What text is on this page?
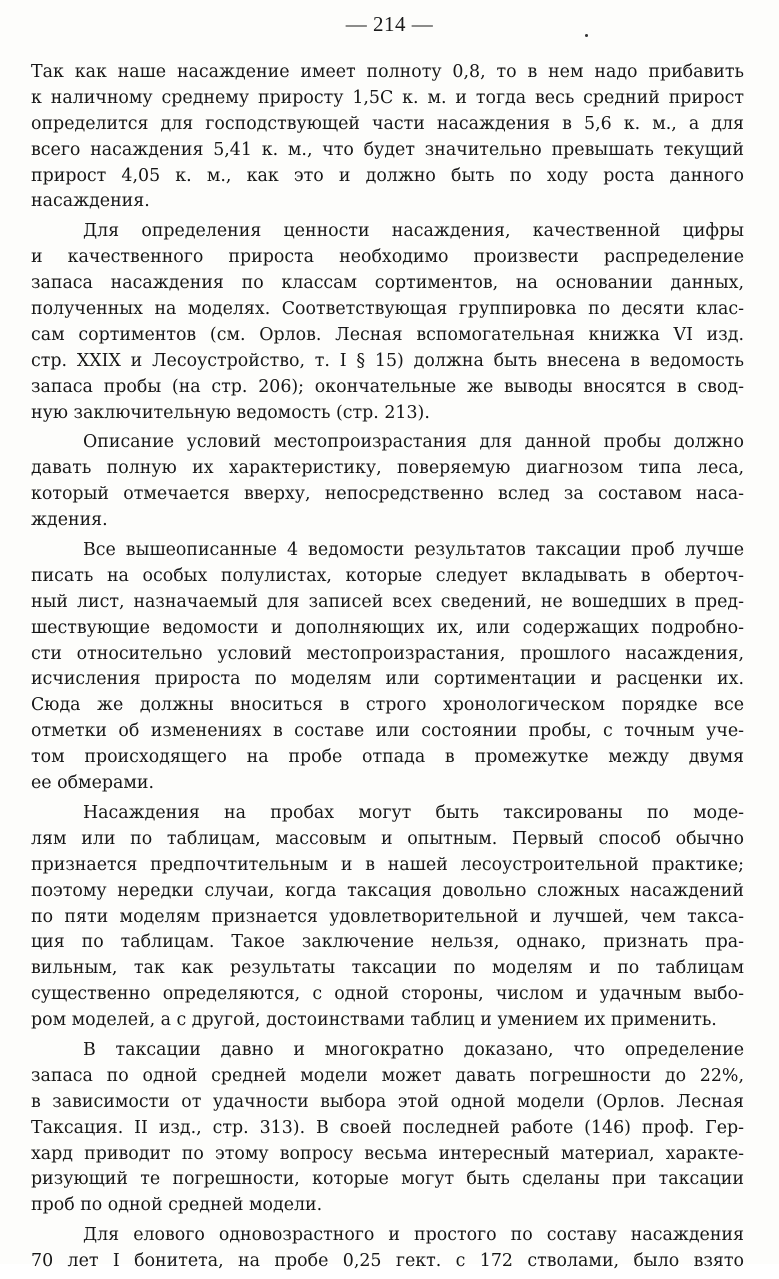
— 214 —
Так как наше насаждение имеет полноту 0,8, то в нем надо прибавить
к наличному среднему приросту 1,5С к. м. и тогда весь средний прирост
определится для господствующей части насаждения в 5,6 к. м., а для
всего насаждения 5,41 к. м., что будет значительно превышать текущий
прирост 4,05 к. м., как это и должно быть по ходу роста данного
насаждения.
Для определения ценности насаждения, качественной цифры
и качественного прироста необходимо произвести распределение
запаса насаждения по классам сортиментов, на основании данных,
полученных на моделях. Соответствующая группировка по десяти клас-
сам сортиментов (см. Орлов. Лесная вспомогательная книжка VI изд.
стр. XXIX и Лесоустройство, т. I § 15) должна быть внесена в ведомость
запаса пробы (на стр. 206); окончательные же выводы вносятся в свод-
ную заключительную ведомость (стр. 213).
Описание условий местопроизрастания для данной пробы должно
давать полную их характеристику, поверяемую диагнозом типа леса,
который отмечается вверху, непосредственно вслед за составом наса-
ждения.
Все вышеописанные 4 ведомости результатов таксации проб лучше
писать на особых полулистах, которые следует вкладывать в оберточ-
ный лист, назначаемый для записей всех сведений, не вошедших в пред-
шествующие ведомости и дополняющих их, или содержащих подробно-
сти относительно условий местопроизрастания, прошлого насаждения,
исчисления прироста по моделям или сортиментации и расценки их.
Сюда же должны вноситься в строго хронологическом порядке все
отметки об изменениях в составе или состоянии пробы, с точным уче-
том происходящего на пробе отпада в промежутке между двумя
ее обмерами.
Насаждения на пробах могут быть таксированы по моде-
лям или по таблицам, массовым и опытным. Первый способ обычно
признается предпочтительным и в нашей лесоустроительной практике;
поэтому нередки случаи, когда таксация довольно сложных насаждений
по пяти моделям признается удовлетворительной и лучшей, чем такса-
ция по таблицам. Такое заключение нельзя, однако, признать пра-
вильным, так как результаты таксации по моделям и по таблицам
существенно определяются, с одной стороны, числом и удачным выбо-
ром моделей, а с другой, достоинствами таблиц и умением их применить.
В таксации давно и многократно доказано, что определение
запаса по одной средней модели может давать погрешности до 22%,
в зависимости от удачности выбора этой одной модели (Орлов. Лесная
Таксация. II изд., стр. 313). В своей последней работе (146) проф. Гер-
хард приводит по этому вопросу весьма интересный материал, характе-
ризующий те погрешности, которые могут быть сделаны при таксации
проб по одной средней модели.
Для елового одновозрастного и простого по составу насаждения
70 лет I бонитета, на пробе 0,25 гект. с 172 стволами, было взято
